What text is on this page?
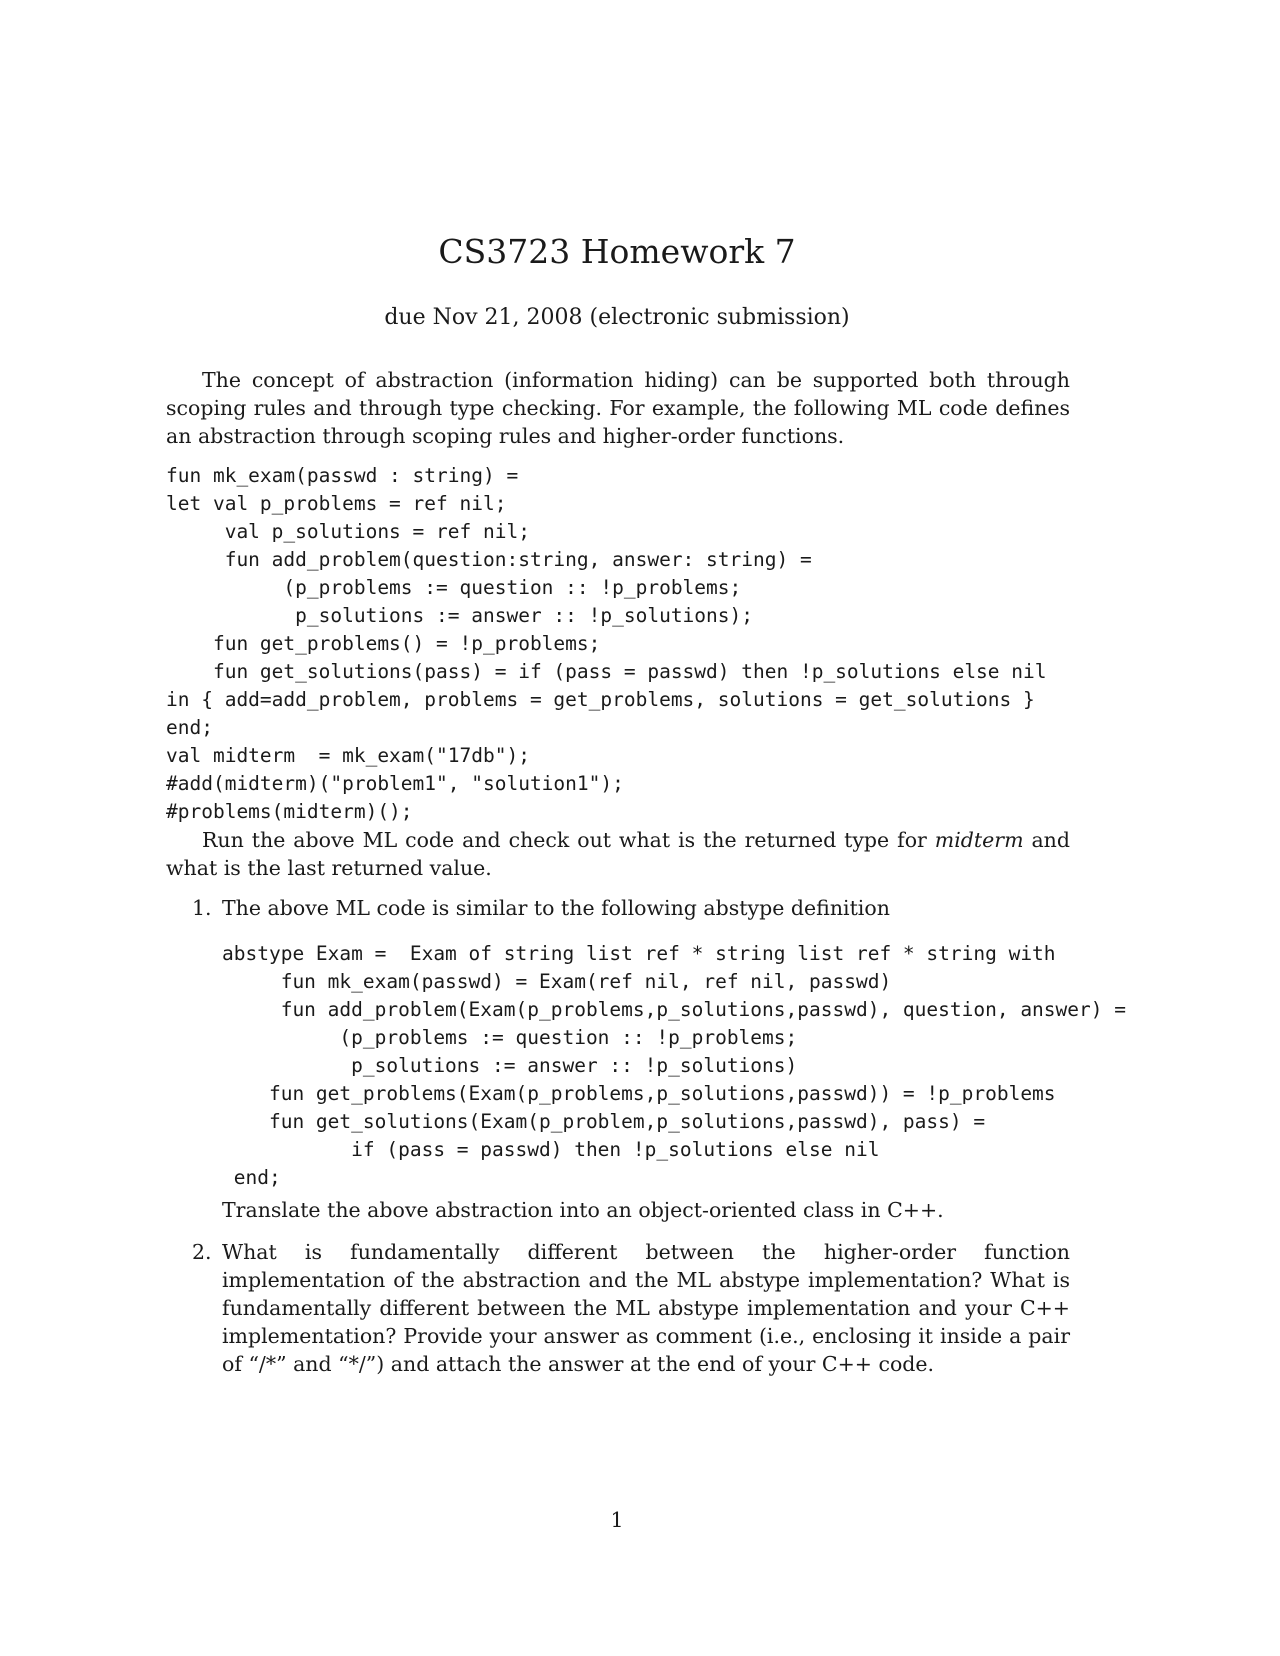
CS3723 Homework 7
due Nov 21, 2008 (electronic submission)

The concept of abstraction (information hiding) can be supported both through scoping rules and through type checking. For example, the following ML code defines an abstraction through scoping rules and higher-order functions.

fun mk_exam(passwd : string) =
let val p_problems = ref nil;
val p_solutions = ref nil;
fun add_problem(question:string, answer: string) =
(p_problems := question :: !p_problems;
p_solutions := answer :: !p_solutions);
fun get_problems() = !p_problems;
fun get_solutions(pass) = if (pass = passwd) then !p_solutions else nil
in { add=add_problem, problems = get_problems, solutions = get_solutions }
end;
val midterm  = mk_exam("17db");
#add(midterm)("problem1", "solution1");
#problems(midterm)();

Run the above ML code and check out what is the returned type for midterm and what is the last returned value.

1. The above ML code is similar to the following abstype definition
abstype Exam =  Exam of string list ref * string list ref * string with
fun mk_exam(passwd) = Exam(ref nil, ref nil, passwd)
fun add_problem(Exam(p_problems,p_solutions,passwd), question, answer) =
(p_problems := question :: !p_problems;
p_solutions := answer :: !p_solutions)
fun get_problems(Exam(p_problems,p_solutions,passwd)) = !p_problems
fun get_solutions(Exam(p_problem,p_solutions,passwd), pass) =
if (pass = passwd) then !p_solutions else nil
end;
Translate the above abstraction into an object-oriented class in C++.
2. What is fundamentally different between the higher-order function implementation of the abstraction and the ML abstype implementation? What is fundamentally different between the ML abstype implementation and your C++ implementation? Provide your answer as comment (i.e., enclosing it inside a pair of “/*” and “*/”) and attach the answer at the end of your C++ code.
1
